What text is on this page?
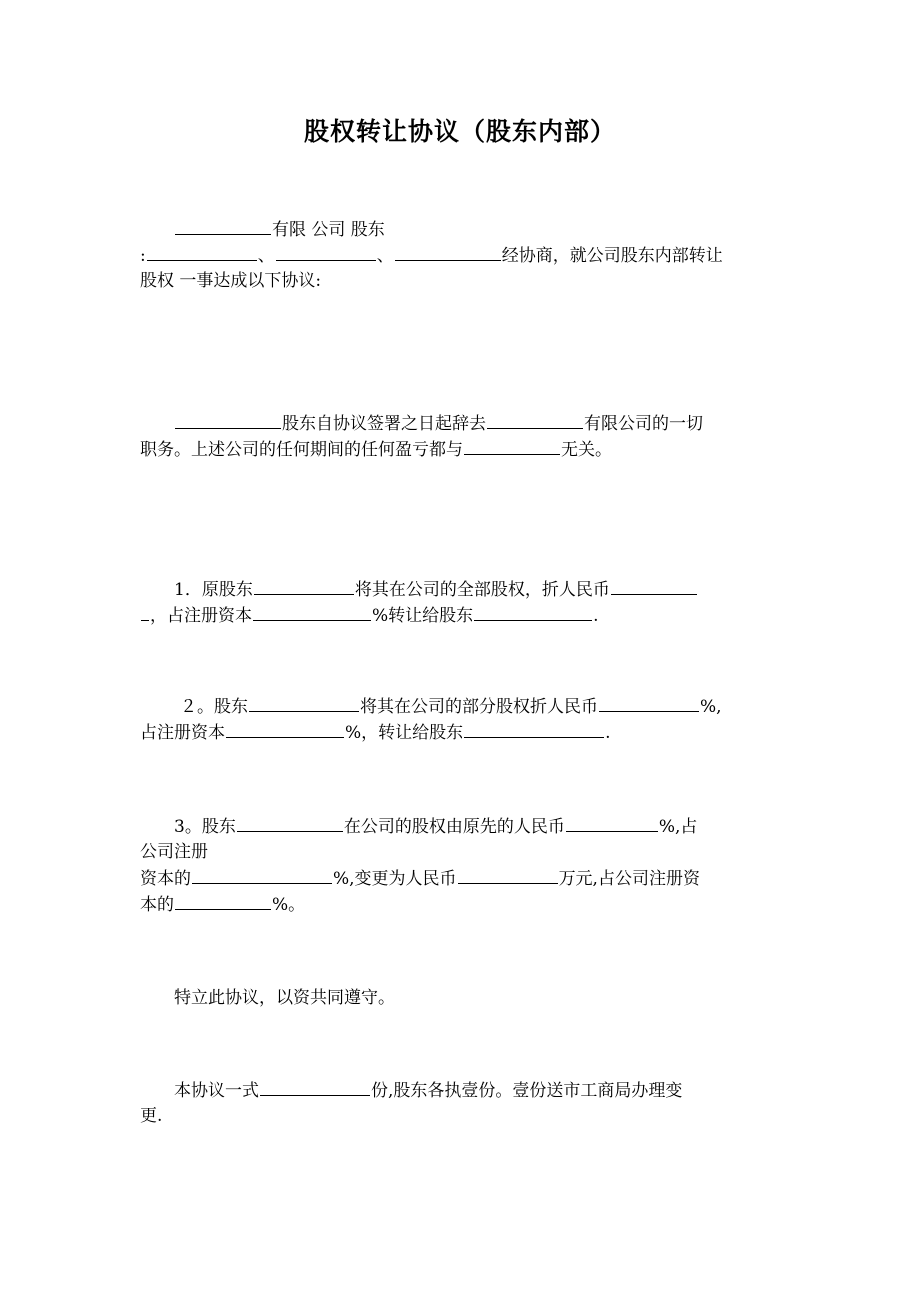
股权转让协议（股东内部）
有限 公司 股东
:	、	、	经协商，就公司股东内部转让
股权 一事达成以下协议:
股东自协议签署之日起辞去	有限公司的一切
职务。上述公司的任何期间的任何盈亏都与	无关。
1．原股东	将其在公司的全部股权，折人民币
，占注册资本	%转让给股东	.
２。股东	将其在公司的部分股权折人民币	%,
占注册资本	%，转让给股东	.
3。股东	在公司的股权由原先的人民币	%,占
公司注册
资本的	%,变更为人民币	万元,占公司注册资
本的	%。
特立此协议，以资共同遵守。
本协议一式	份,股东各执壹份。壹份送市工商局办理变
更.
